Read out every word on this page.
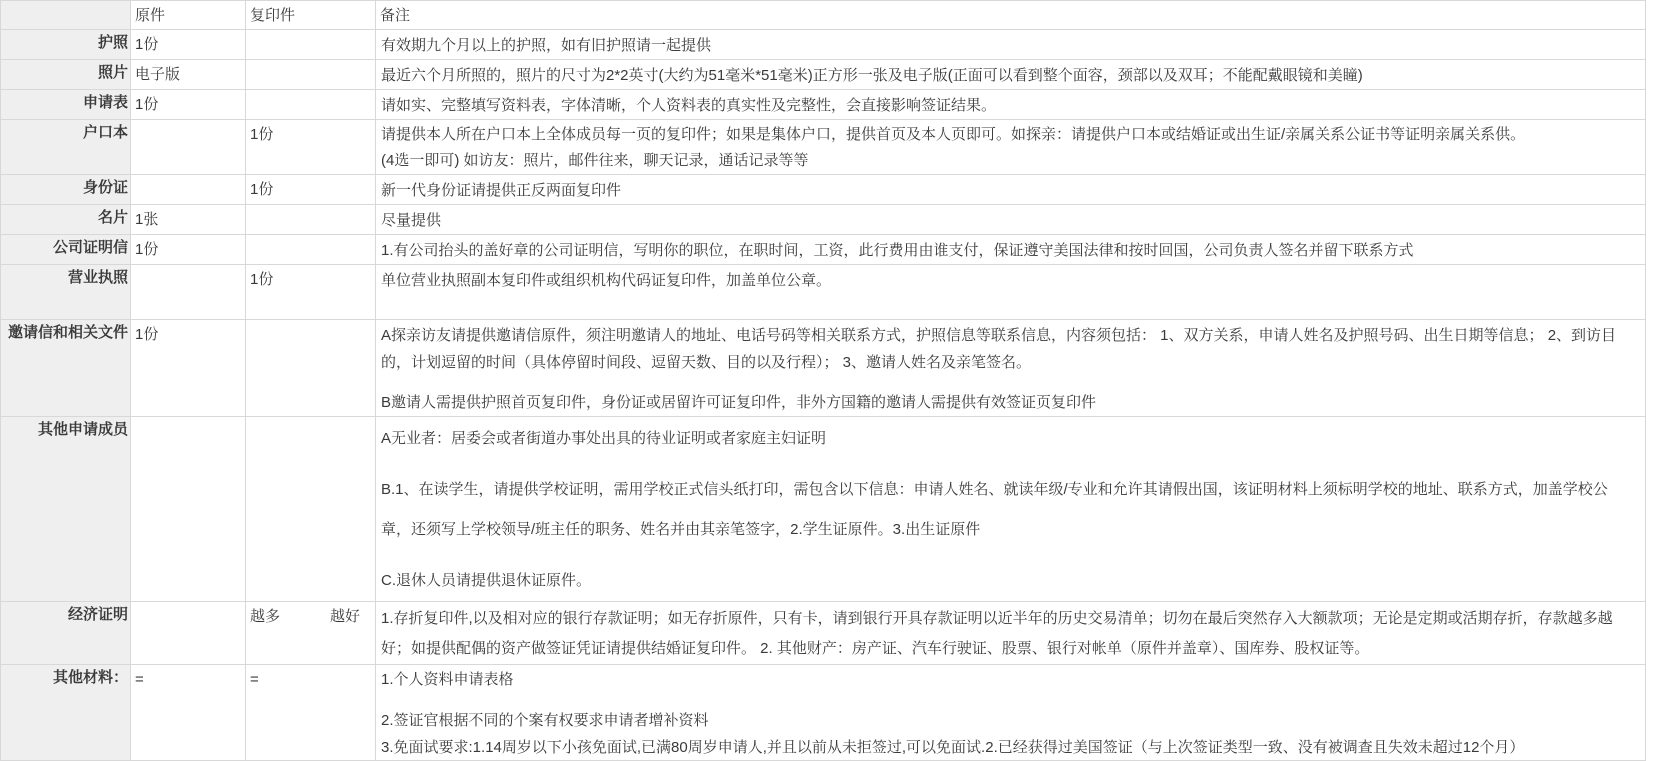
	原件	复印件	备注
护照	1份		有效期九个月以上的护照，如有旧护照请一起提供

照片	电子版		最近六个月所照的，照片的尺寸为2*2英寸(大约为51毫米*51毫米)正方形一张及电子版(正面可以看到整个面容，颈部以及双耳；不能配戴眼镜和美瞳)

申请表	1份		请如实、完整填写资料表，字体清晰，个人资料表的真实性及完整性，会直接影响签证结果。

户口本		1份	请提供本人所在户口本上全体成员每一页的复印件；如果是集体户口，提供首页及本人页即可。如探亲：请提供户口本或结婚证或出生证/亲属关系公证书等证明亲属关系供。
(4选一即可) 如访友：照片，邮件往来，聊天记录，通话记录等等

身份证		1份	新一代身份证请提供正反两面复印件

名片	1张		尽量提供

公司证明信	1份		1.有公司抬头的盖好章的公司证明信，写明你的职位，在职时间，工资，此行费用由谁支付，保证遵守美国法律和按时回国，公司负责人签名并留下联系方式

营业执照		1份	单位营业执照副本复印件或组织机构代码证复印件，加盖单位公章。

邀请信和相关文件	1份		A探亲访友请提供邀请信原件，须注明邀请人的地址、电话号码等相关联系方式，护照信息等联系信息，内容须包括： 1、双方关系，申请人姓名及护照号码、出生日期等信息； 2、到访目的，计划逗留的时间（具体停留时间段、逗留天数、目的以及行程）； 3、邀请人姓名及亲笔签名。
B邀请人需提供护照首页复印件，身份证或居留许可证复印件，非外方国籍的邀请人需提供有效签证页复印件

其他申请成员			A无业者：居委会或者街道办事处出具的待业证明或者家庭主妇证明
B.1、在读学生，请提供学校证明，需用学校正式信头纸打印，需包含以下信息：申请人姓名、就读年级/专业和允许其请假出国，该证明材料上须标明学校的地址、联系方式，加盖学校公章，还须写上学校领导/班主任的职务、姓名并由其亲笔签字，2.学生证原件。3.出生证原件
C.退休人员请提供退休证原件。

经济证明		越多            越好	1.存折复印件,以及相对应的银行存款证明；如无存折原件，只有卡，请到银行开具存款证明以近半年的历史交易清单；切勿在最后突然存入大额款项；无论是定期或活期存折，存款越多越好；如提供配偶的资产做签证凭证请提供结婚证复印件。 2. 其他财产：房产证、汽车行驶证、股票、银行对帐单（原件并盖章）、国库券、股权证等。

其他材料：	=	=	1.个人资料申请表格
2.签证官根据不同的个案有权要求申请者增补资料
3.免面试要求:1.14周岁以下小孩免面试,已满80周岁申请人,并且以前从未拒签过,可以免面试.2.已经获得过美国签证（与上次签证类型一致、没有被调查且失效未超过12个月）
